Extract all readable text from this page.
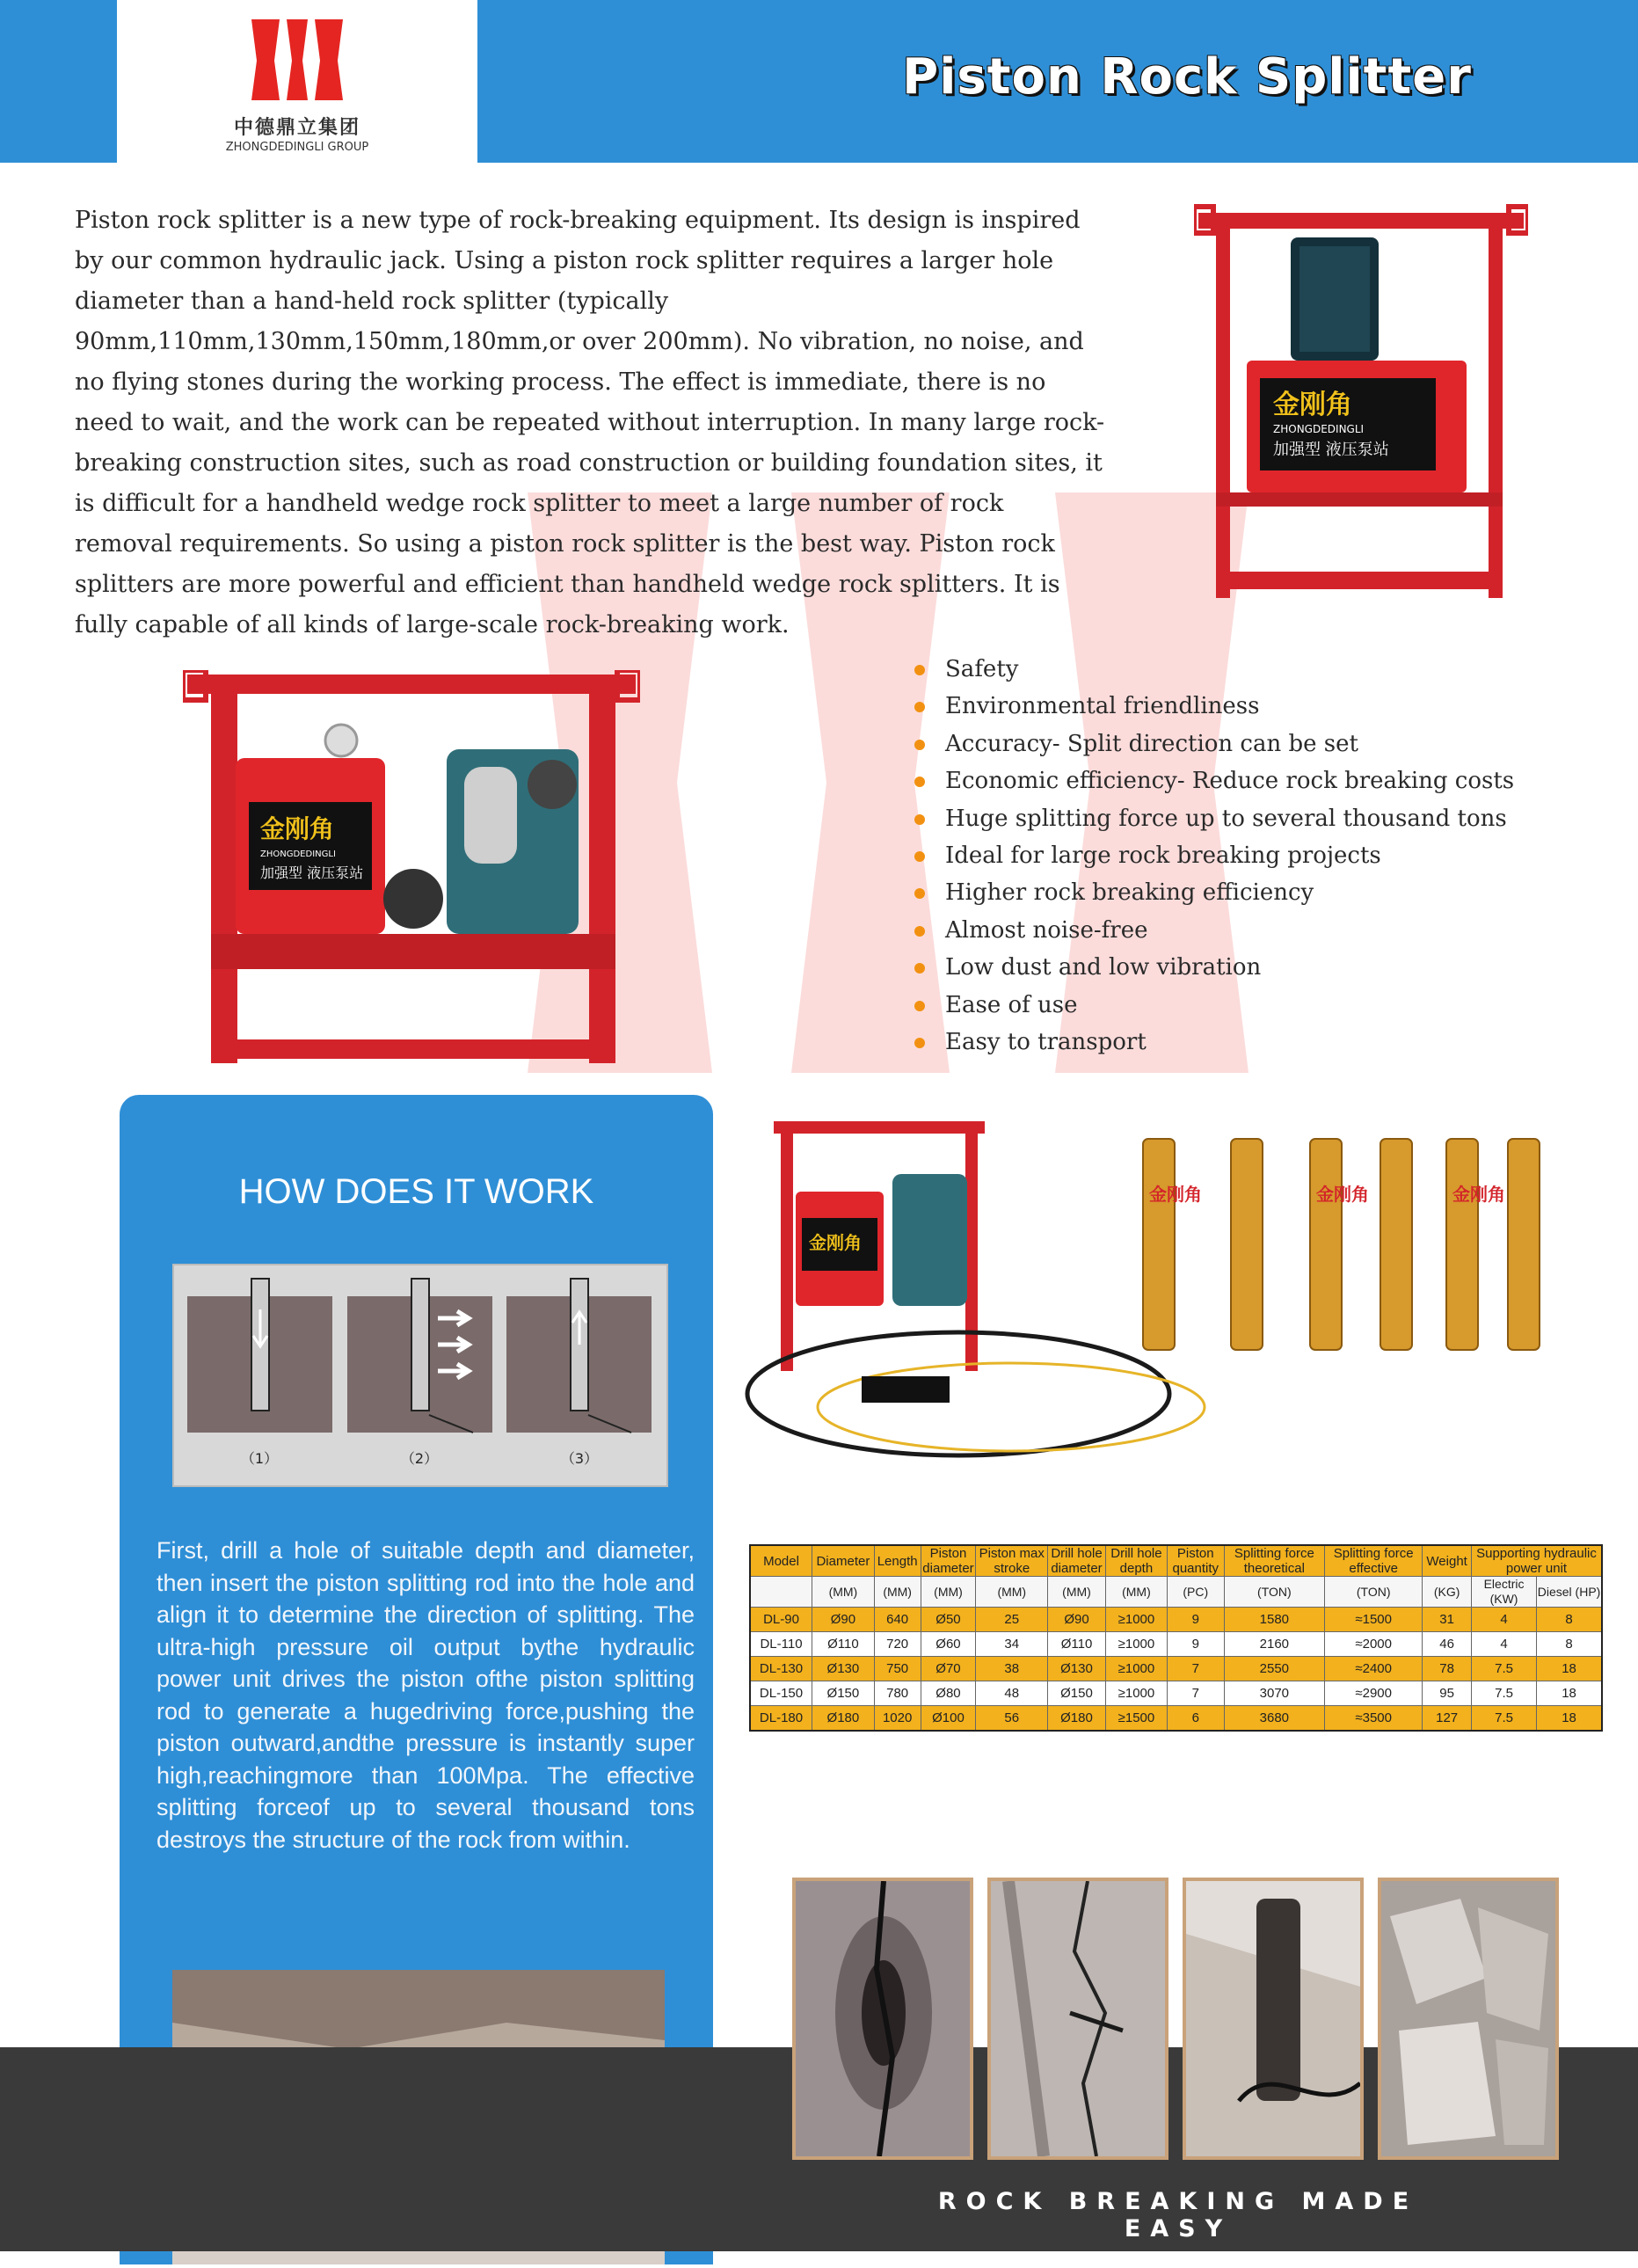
中德鼎立集团
ZHONGDEDINGLI GROUP
Piston Rock Splitter
Piston rock splitter is a new type of rock-breaking equipment. Its design is inspired by our common hydraulic jack. Using a piston rock splitter requires a larger hole diameter than a hand-held rock splitter (typically 90mm,110mm,130mm,150mm,180mm,or over 200mm). No vibration, no noise, and no flying stones during the working process. The effect is immediate, there is no need to wait, and the work can be repeated without interruption. In many large rock-breaking construction sites, such as road construction or building foundation sites, it is difficult for a handheld wedge rock splitter to meet a large number of rock removal requirements. So using a piston rock splitter is the best way. Piston rock splitters are more powerful and efficient than handheld wedge rock splitters. It is fully capable of all kinds of large-scale rock-breaking work.
金刚角
ZHONGDEDINGLI
加强型 液压泵站
金刚角
ZHONGDEDINGLI
加强型 液压泵站
Safety
Environmental friendliness
Accuracy- Split direction can be set
Economic efficiency- Reduce rock breaking costs
Huge splitting force up to several thousand tons
Ideal for large rock breaking projects
Higher rock breaking efficiency
Almost noise-free
Low dust and low vibration
Ease of use
Easy to transport
HOW DOES IT WORK
（1）	（2）	（3）
First, drill a hole of suitable depth and diameter, then insert the piston splitting rod into the hole and align it to determine the direction of splitting. The ultra-high pressure oil output bythe hydraulic power unit drives the piston ofthe piston splitting rod to generate a hugedriving force,pushing the piston outward,andthe pressure is instantly super high,reachingmore than 100Mpa. The effective splitting forceof up to several thousand tons destroys the structure of the rock from within.
金刚角
金刚角	金刚角	金刚角
Model	Diameter	Length	Piston diameter	Piston max stroke	Drill hole diameter	Drill hole depth	Piston quantity	Splitting force theoretical	Splitting force effective	Weight	Supporting hydraulic power unit	

	(MM)	(MM)	(MM)	(MM)	(MM)	(MM)	(PC)	(TON)	(TON)	(KG)	Electric (KW)	Diesel (HP)
DL-90	Ø90	640	Ø50	25	Ø90	≥1000	9	1580	≈1500	31	4	8
DL-110	Ø110	720	Ø60	34	Ø110	≥1000	9	2160	≈2000	46	4	8
DL-130	Ø130	750	Ø70	38	Ø130	≥1000	7	2550	≈2400	78	7.5	18
DL-150	Ø150	780	Ø80	48	Ø150	≥1000	7	3070	≈2900	95	7.5	18
DL-180	Ø180	1020	Ø100	56	Ø180	≥1500	6	3680	≈3500	127	7.5	18
ROCK BREAKING MADE EASY
